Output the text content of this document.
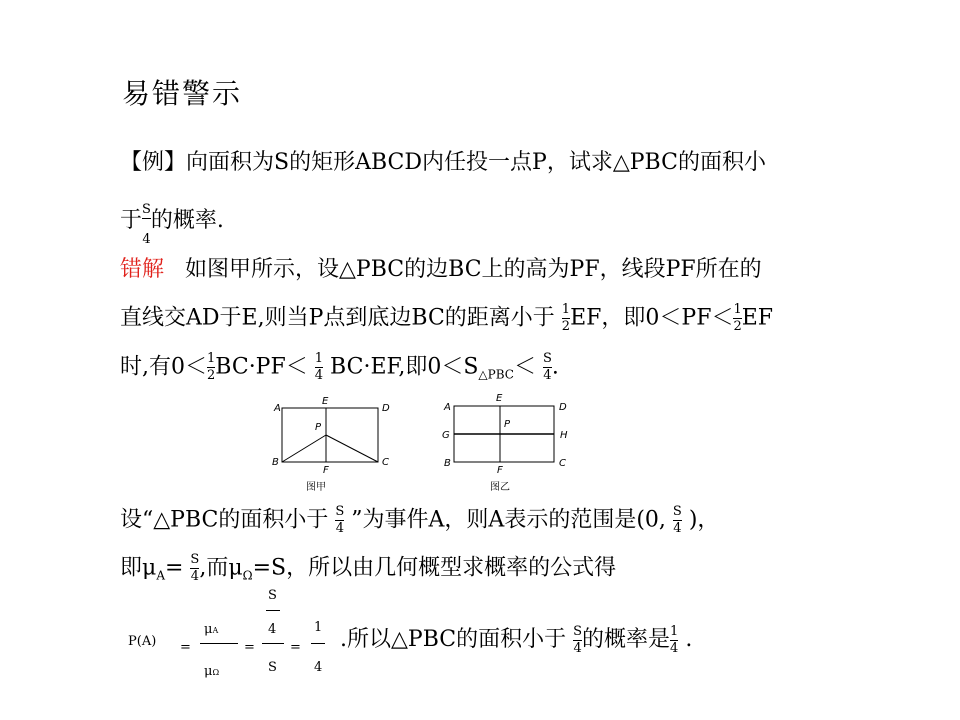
易错警示
【例】向面积为S的矩形ABCD内任投一点P，试求△PBC的面积小
于 $\frac{S}{4}$ 的概率.
错解 如图甲所示，设△PBC的边BC上的高为PF，线段PF所在的
直线交AD于E,则当P点到底边BC的距离小于 $\frac{1}{2}$ EF，即$0<PF< \frac{1}{2}$ EF
时,有$0< \frac{1}{2} BC\cdot PF< \frac{1}{4} BC\cdot EF$,即$0<S_{\triangle PBC}< \frac{S}{4}$ .
A
E
D
P
B
F
C
图甲
A
E
D
G
P
H
B
F
C
图乙
设“△PBC的面积小于 $\frac{S}{4}$ ”为事件A，则A表示的范围是(0, $\frac{S}{4}$ )，
即$\mu_A= \frac{S}{4}$ ,而$\mu_\Omega=S$，所以由几何概型求概率的公式得
P(A) =
μA
μΩ
=
S
4
S
=
1
4
.所以△PBC的面积小于 $\frac{S}{4}$ 的概率是 $\frac{1}{4}$ .
